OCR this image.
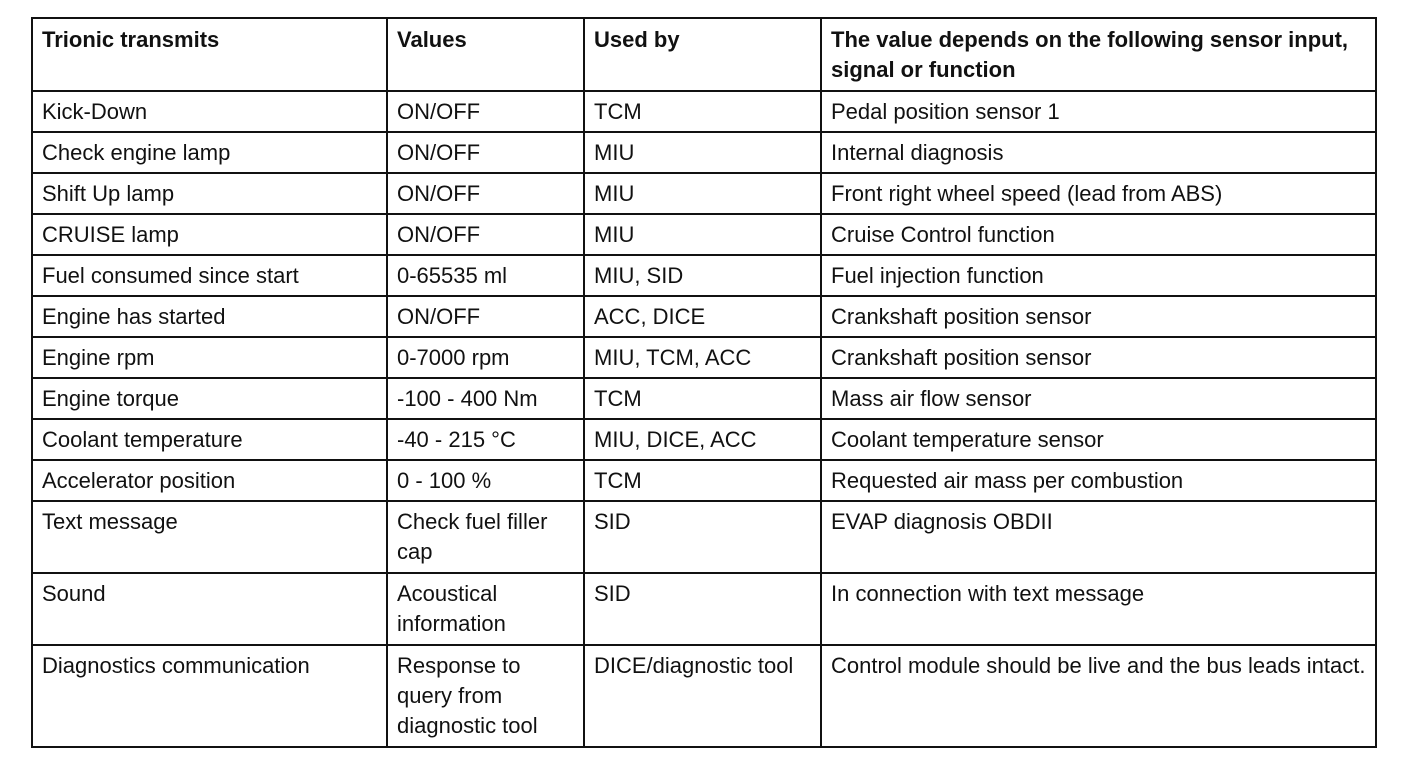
Trionic transmits	Values	Used by	The value depends on the following sensor input, signal or function
Kick-Down	ON/OFF	TCM	Pedal position sensor 1
Check engine lamp	ON/OFF	MIU	Internal diagnosis
Shift Up lamp	ON/OFF	MIU	Front right wheel speed (lead from ABS)
CRUISE lamp	ON/OFF	MIU	Cruise Control function
Fuel consumed since start	0-65535 ml	MIU, SID	Fuel injection function
Engine has started	ON/OFF	ACC, DICE	Crankshaft position sensor
Engine rpm	0-7000 rpm	MIU, TCM, ACC	Crankshaft position sensor
Engine torque	-100 - 400 Nm	TCM	Mass air flow sensor
Coolant temperature	-40 - 215 °C	MIU, DICE, ACC	Coolant temperature sensor
Accelerator position	0 - 100 %	TCM	Requested air mass per combustion
Text message	Check fuel filler cap	SID	EVAP diagnosis OBDII
Sound	Acoustical information	SID	In connection with text message
Diagnostics communication	Response to query from diagnostic tool	DICE/diagnostic tool	Control module should be live and the bus leads intact.
